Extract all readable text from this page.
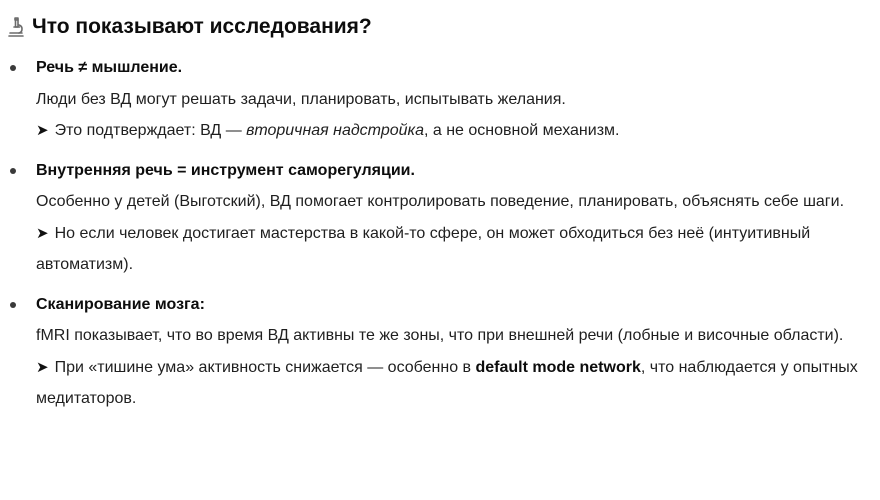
Что показывают исследования?
Речь ≠ мышление.
Люди без ВД могут решать задачи, планировать, испытывать желания.
➤ Это подтверждает: ВД — вторичная надстройка, а не основной механизм.
Внутренняя речь = инструмент саморегуляции.
Особенно у детей (Выготский), ВД помогает контролировать поведение, планировать, объяснять себе шаги.
➤ Но если человек достигает мастерства в какой-то сфере, он может обходиться без неё (интуитивный автоматизм).
Сканирование мозга:
fMRI показывает, что во время ВД активны те же зоны, что при внешней речи (лобные и височные области).
➤ При «тишине ума» активность снижается — особенно в default mode network, что наблюдается у опытных медитаторов.
